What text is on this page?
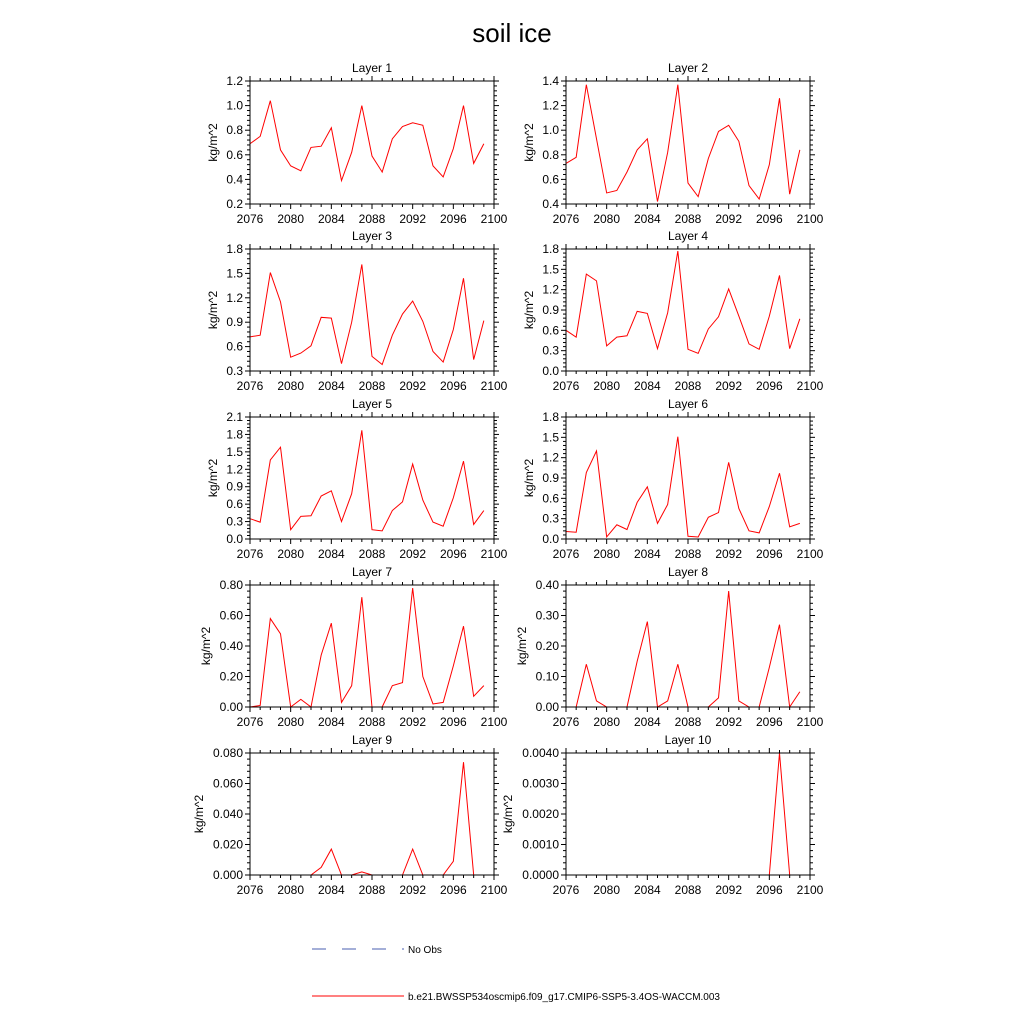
soil ice
2076 2080 2084 2088 2092 2096 2100
0.2
0.4
0.6
0.8
1.0
1.2
Layer 1
kg/m^2
2076 2080 2084 2088 2092 2096 2100
0.4
0.6
0.8
1.0
1.2
1.4
Layer 2
kg/m^2
2076 2080 2084 2088 2092 2096 2100
0.3
0.6
0.9
1.2
1.5
1.8
Layer 3
kg/m^2
2076 2080 2084 2088 2092 2096 2100
0.0
0.3
0.6
0.9
1.2
1.5
1.8
Layer 4
kg/m^2
2076 2080 2084 2088 2092 2096 2100
0.0
0.3
0.6
0.9
1.2
1.5
1.8
2.1
Layer 5
kg/m^2
2076 2080 2084 2088 2092 2096 2100
0.0
0.3
0.6
0.9
1.2
1.5
1.8
Layer 6
kg/m^2
2076 2080 2084 2088 2092 2096 2100
0.00
0.20
0.40
0.60
0.80
Layer 7
kg/m^2
2076 2080 2084 2088 2092 2096 2100
0.00
0.10
0.20
0.30
0.40
Layer 8
kg/m^2
2076 2080 2084 2088 2092 2096 2100
0.000
0.020
0.040
0.060
0.080
Layer 9
kg/m^2
2076 2080 2084 2088 2092 2096 2100
0.0000
0.0010
0.0020
0.0030
0.0040
Layer 10
kg/m^2
No Obs
b.e21.BWSSP534oscmip6.f09_g17.CMIP6-SSP5-3.4OS-WACCM.003
